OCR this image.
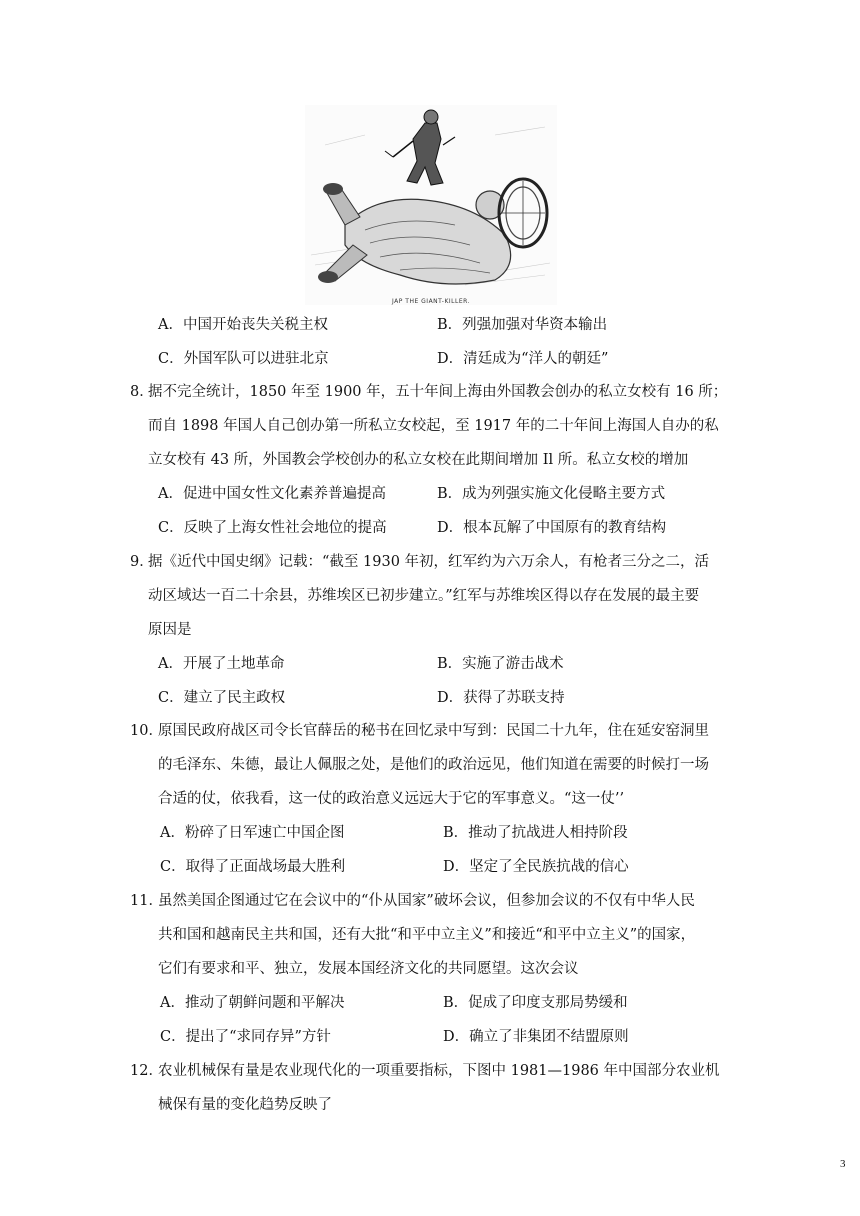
JAP THE GIANT-KILLER.
A．中国开始丧失关税主权	B．列强加强对华资本输出
C．外国军队可以进驻北京	D．清廷成为“洋人的朝廷”
8．
据不完全统计，1850 年至 1900 年，五十年间上海由外国教会创办的私立女校有 16 所；
而自 1898 年国人自己创办第一所私立女校起，至 1917 年的二十年间上海国人自办的私
立女校有 43 所，外国教会学校创办的私立女校在此期间增加 Il 所。私立女校的增加
A．促进中国女性文化素养普遍提高	B．成为列强实施文化侵略主要方式
C．反映了上海女性社会地位的提高	D．根本瓦解了中国原有的教育结构
9．
据《近代中国史纲》记载：“截至 1930 年初，红军约为六万余人，有枪者三分之二，活
动区域达一百二十余县，苏维埃区已初步建立。”红军与苏维埃区得以存在发展的最主要
原因是
A．开展了土地革命	B．实施了游击战术
C．建立了民主政权	D．获得了苏联支持
10．
原国民政府战区司令长官薛岳的秘书在回忆录中写到：民国二十九年，住在延安窑洞里
的毛泽东、朱德，最让人佩服之处，是他们的政治远见，他们知道在需要的时候打一场
合适的仗，依我看，这一仗的政治意义远远大于它的军事意义。“这一仗’’
A．粉碎了日军速亡中国企图	B．推动了抗战进人相持阶段
C．取得了正面战场最大胜利	D．坚定了全民族抗战的信心
11．
虽然美国企图通过它在会议中的“仆从国家”破坏会议，但参加会议的不仅有中华人民
共和国和越南民主共和国，还有大批“和平中立主义”和接近“和平中立主义”的国家，
它们有要求和平、独立，发展本国经济文化的共同愿望。这次会议
A．推动了朝鲜问题和平解决	B．促成了印度支那局势缓和
C．提出了“求同存异”方针	D．确立了非集团不结盟原则
12．
农业机械保有量是农业现代化的一项重要指标，下图中 1981—1986 年中国部分农业机
械保有量的变化趋势反映了
3
